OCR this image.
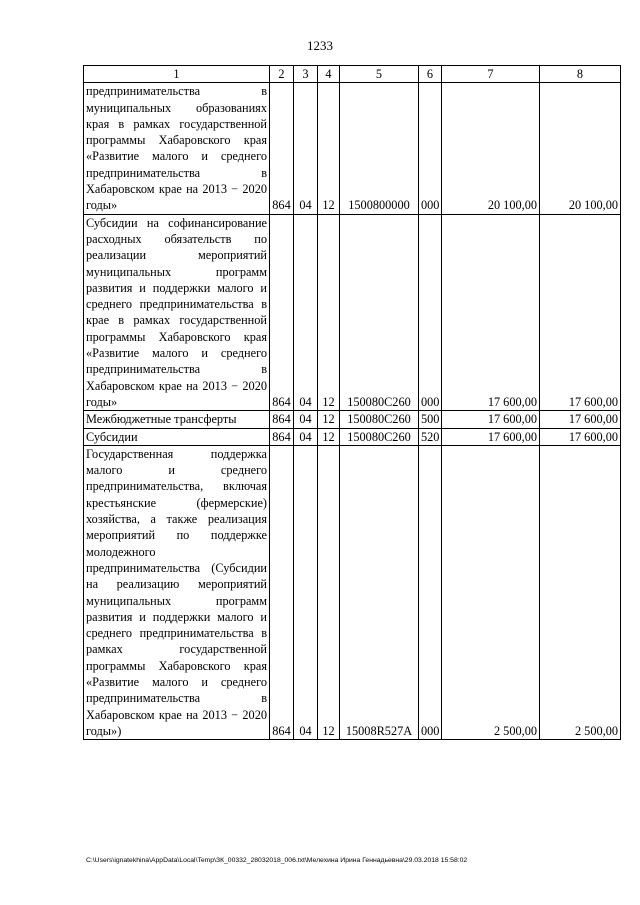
1233
1	2	3	4	5	6	7	8
предпринимательства в муниципальных образованиях края в рамках государственной программы Хабаровского края «Развитие малого и среднего предпринимательства в Хабаровском крае на 2013 − 2020 годы»	864	04	12	1500800000	000	20 100,00	20 100,00
Субсидии на софинансирование расходных обязательств по реализации мероприятий муниципальных программ развития и поддержки малого и среднего предпринимательства в крае в рамках государственной программы Хабаровского края «Развитие малого и среднего предпринимательства в Хабаровском крае на 2013 − 2020 годы»	864	04	12	150080С260	000	17 600,00	17 600,00
Межбюджетные трансферты	864	04	12	150080С260	500	17 600,00	17 600,00
Субсидии	864	04	12	150080С260	520	17 600,00	17 600,00
Государственная поддержка малого и среднего предпринимательства, включая крестьянские (фермерские) хозяйства, а также реализация мероприятий по поддержке молодежного предпринимательства (Субсидии на реализацию мероприятий муниципальных программ развития и поддержки малого и среднего предпринимательства в рамках государственной программы Хабаровского края «Развитие малого и среднего предпринимательства в Хабаровском крае на 2013 − 2020 годы»)	864	04	12	15008R527A	000	2 500,00	2 500,00
C:\Users\ignatekhina\AppData\Local\Temp\ЗК_00332_28032018_006.txt\Мелехина Ирина Геннадьевна\29.03.2018 15:58:02
